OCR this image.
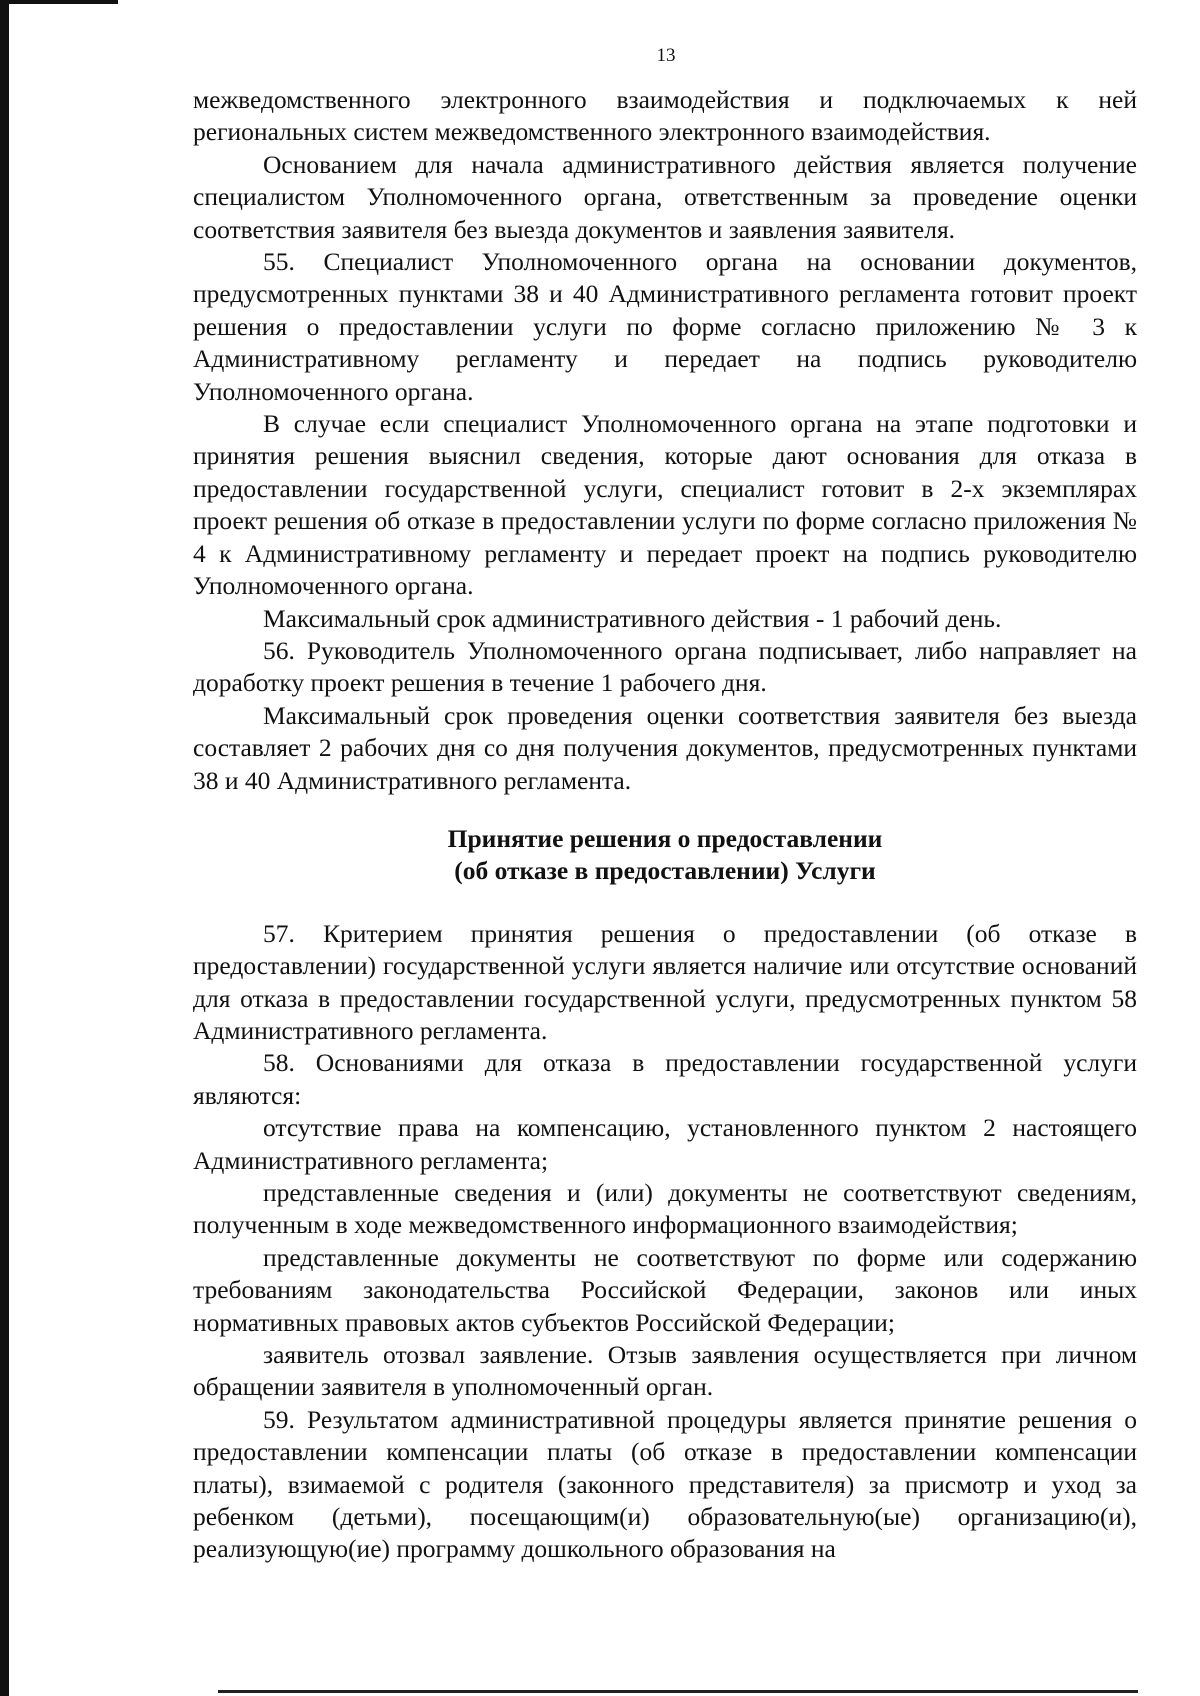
13

межведомственного электронного взаимодействия и подключаемых к ней региональных систем межведомственного электронного взаимодействия.

Основанием для начала административного действия является получение специалистом Уполномоченного органа, ответственным за проведение оценки соответствия заявителя без выезда документов и заявления заявителя.

55. Специалист Уполномоченного органа на основании документов, предусмотренных пунктами 38 и 40 Административного регламента готовит проект решения о предоставлении услуги по форме согласно приложению № 3 к Административному регламенту и передает на подпись руководителю Уполномоченного органа.

В случае если специалист Уполномоченного органа на этапе подготовки и принятия решения выяснил сведения, которые дают основания для отказа в предоставлении государственной услуги, специалист готовит в 2-х экземплярах проект решения об отказе в предоставлении услуги по форме согласно приложения № 4 к Административному регламенту и передает проект на подпись руководителю Уполномоченного органа.

Максимальный срок административного действия - 1 рабочий день.

56. Руководитель Уполномоченного органа подписывает, либо направляет на доработку проект решения в течение 1 рабочего дня.

Максимальный срок проведения оценки соответствия заявителя без выезда составляет 2 рабочих дня со дня получения документов, предусмотренных пунктами 38 и 40 Административного регламента.

Принятие решения о предоставлении
(об отказе в предоставлении) Услуги

57. Критерием принятия решения о предоставлении (об отказе в предоставлении) государственной услуги является наличие или отсутствие оснований для отказа в предоставлении государственной услуги, предусмотренных пунктом 58 Административного регламента.

58. Основаниями для отказа в предоставлении государственной услуги являются:

отсутствие права на компенсацию, установленного пунктом 2 настоящего Административного регламента;

представленные сведения и (или) документы не соответствуют сведениям, полученным в ходе межведомственного информационного взаимодействия;

представленные документы не соответствуют по форме или содержанию требованиям законодательства Российской Федерации, законов или иных нормативных правовых актов субъектов Российской Федерации;

заявитель отозвал заявление. Отзыв заявления осуществляется при личном обращении заявителя в уполномоченный орган.

59. Результатом административной процедуры является принятие решения о предоставлении компенсации платы (об отказе в предоставлении компенсации платы), взимаемой с родителя (законного представителя) за присмотр и уход за ребенком (детьми), посещающим(и) образовательную(ые) организацию(и), реализующую(ие) программу дошкольного образования на
